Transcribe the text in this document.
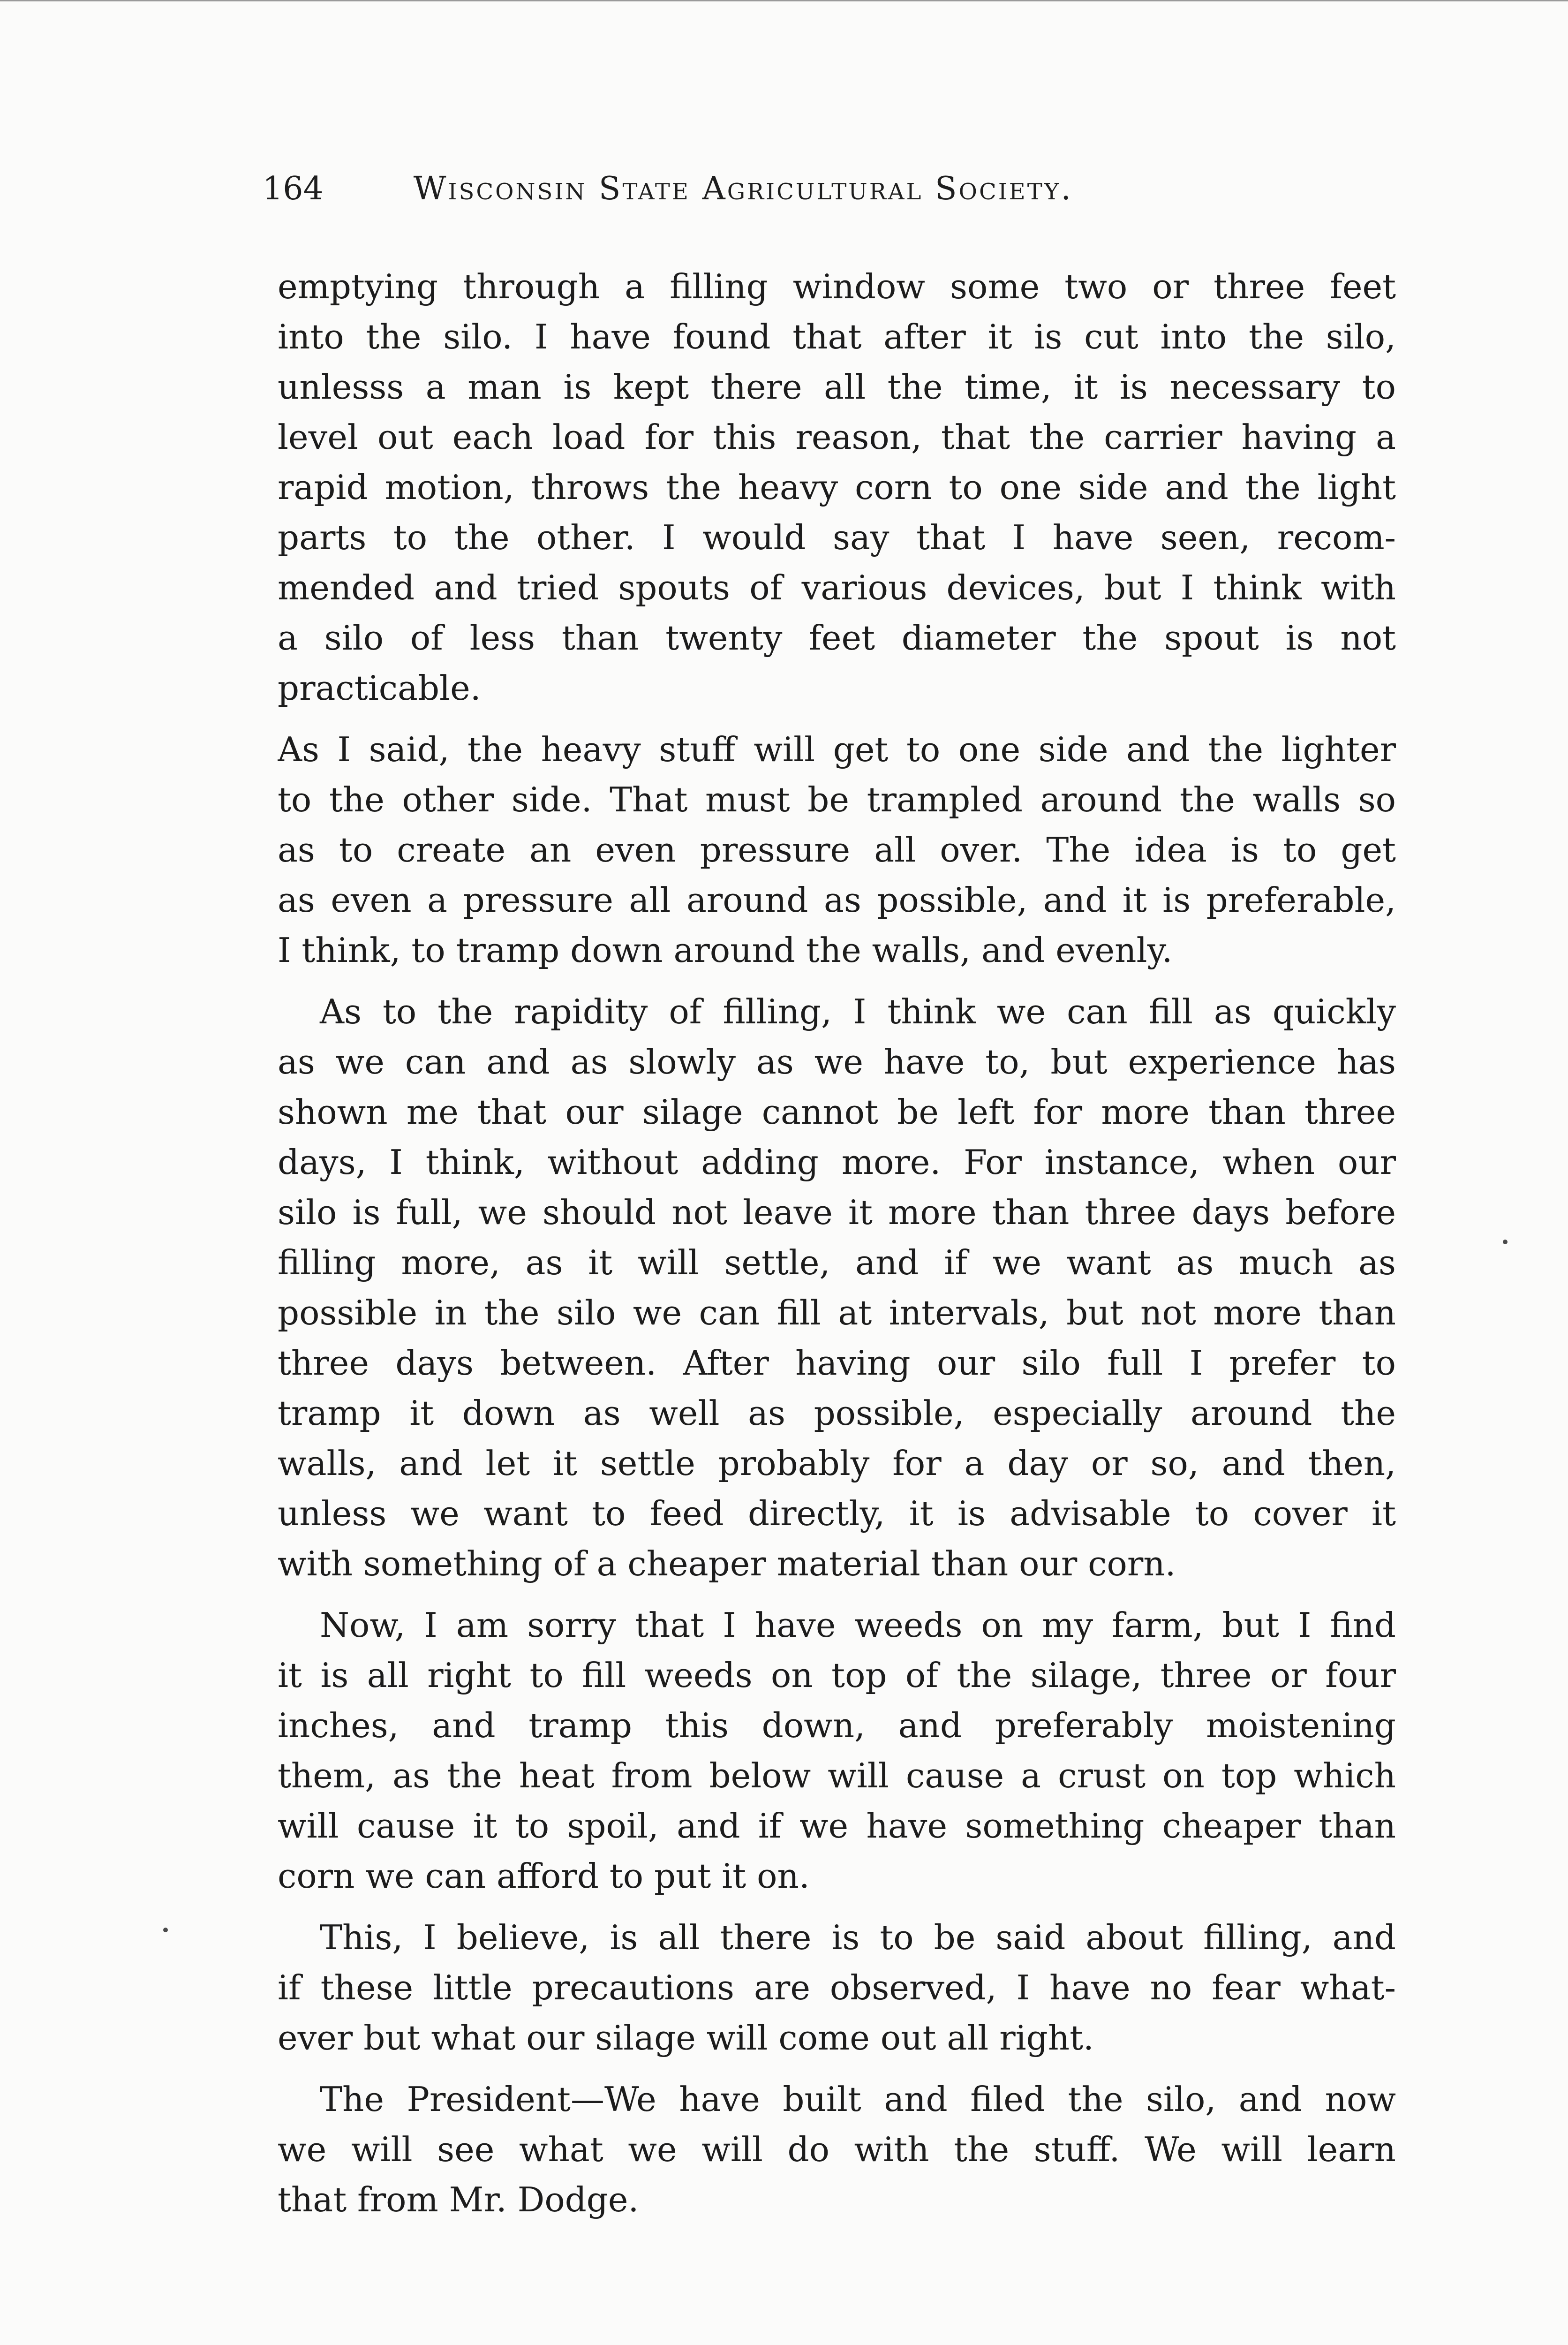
164	Wisconsin State Agricultural Society.
emptying through a filling window some two or three feet
into the silo. I have found that after it is cut into the silo,
unlesss a man is kept there all the time, it is necessary to
level out each load for this reason, that the carrier having a
rapid motion, throws the heavy corn to one side and the light
parts to the other. I would say that I have seen, recom-
mended and tried spouts of various devices, but I think with
a silo of less than twenty feet diameter the spout is not
practicable.
As I said, the heavy stuff will get to one side and the lighter
to the other side. That must be trampled around the walls so
as to create an even pressure all over. The idea is to get
as even a pressure all around as possible, and it is preferable,
I think, to tramp down around the walls, and evenly.
As to the rapidity of filling, I think we can fill as quickly
as we can and as slowly as we have to, but experience has
shown me that our silage cannot be left for more than three
days, I think, without adding more. For instance, when our
silo is full, we should not leave it more than three days before
filling more, as it will settle, and if we want as much as
possible in the silo we can fill at intervals, but not more than
three days between. After having our silo full I prefer to
tramp it down as well as possible, especially around the
walls, and let it settle probably for a day or so, and then,
unless we want to feed directly, it is advisable to cover it
with something of a cheaper material than our corn.
Now, I am sorry that I have weeds on my farm, but I find
it is all right to fill weeds on top of the silage, three or four
inches, and tramp this down, and preferably moistening
them, as the heat from below will cause a crust on top which
will cause it to spoil, and if we have something cheaper than
corn we can afford to put it on.
This, I believe, is all there is to be said about filling, and
if these little precautions are observed, I have no fear what-
ever but what our silage will come out all right.
The President—We have built and filed the silo, and now
we will see what we will do with the stuff. We will learn
that from Mr. Dodge.
